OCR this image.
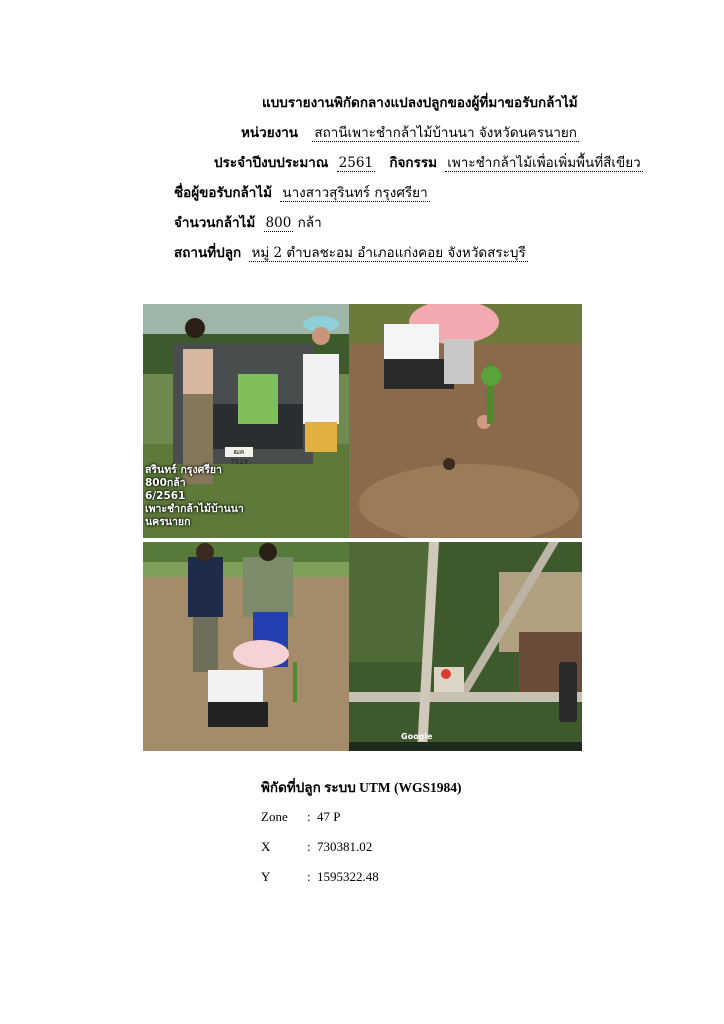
แบบรายงานพิกัดกลางแปลงปลูกของผู้ที่มาขอรับกล้าไม้
หน่วยงาน สถานีเพาะชำกล้าไม้บ้านนา จังหวัดนครนายก
ประจำปีงบประมาณ 2561 กิจกรรม เพาะชำกล้าไม้เพื่อเพิ่มพื้นที่สีเขียว
ชื่อผู้ขอรับกล้าไม้ นางสาวสุรินทร์ กรุงศรียา
จำนวนกล้าไม้ 800 กล้า
สถานที่ปลูก หมู่ 2 ตำบลชะอม อำเภอแก่งคอย จังหวัดสระบุรี
ฒค 7519
สรินทร์ กรุงศรียา
800กล้า
6/2561
เพาะชำกล้าไม้บ้านนา
นครนายก
Google
พิกัดที่ปลูก ระบบ UTM (WGS1984)
Zone : 47 P
X	: 730381.02
Y	: 1595322.48
